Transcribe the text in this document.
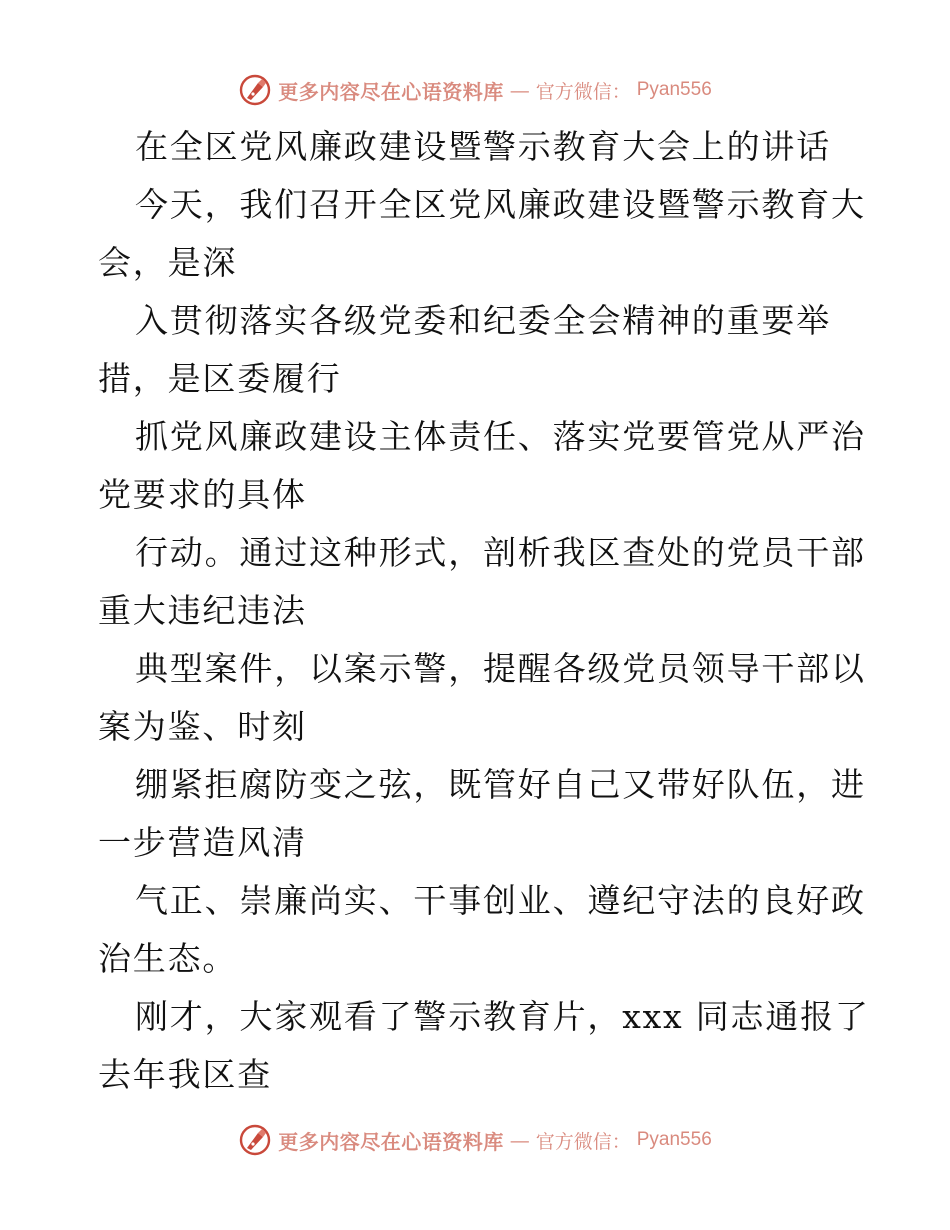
更多内容尽在心语资料库 — 官方微信： Pyan556
在全区党风廉政建设暨警示教育大会上的讲话
今天，我们召开全区党风廉政建设暨警示教育大
会，是深
入贯彻落实各级党委和纪委全会精神的重要举
措，是区委履行
抓党风廉政建设主体责任、落实党要管党从严治
党要求的具体
行动。通过这种形式，剖析我区查处的党员干部
重大违纪违法
典型案件，以案示警，提醒各级党员领导干部以
案为鉴、时刻
绷紧拒腐防变之弦，既管好自己又带好队伍，进
一步营造风清
气正、崇廉尚实、干事创业、遵纪守法的良好政
治生态。
刚才，大家观看了警示教育片，xxx 同志通报了
去年我区查
更多内容尽在心语资料库 — 官方微信： Pyan556
